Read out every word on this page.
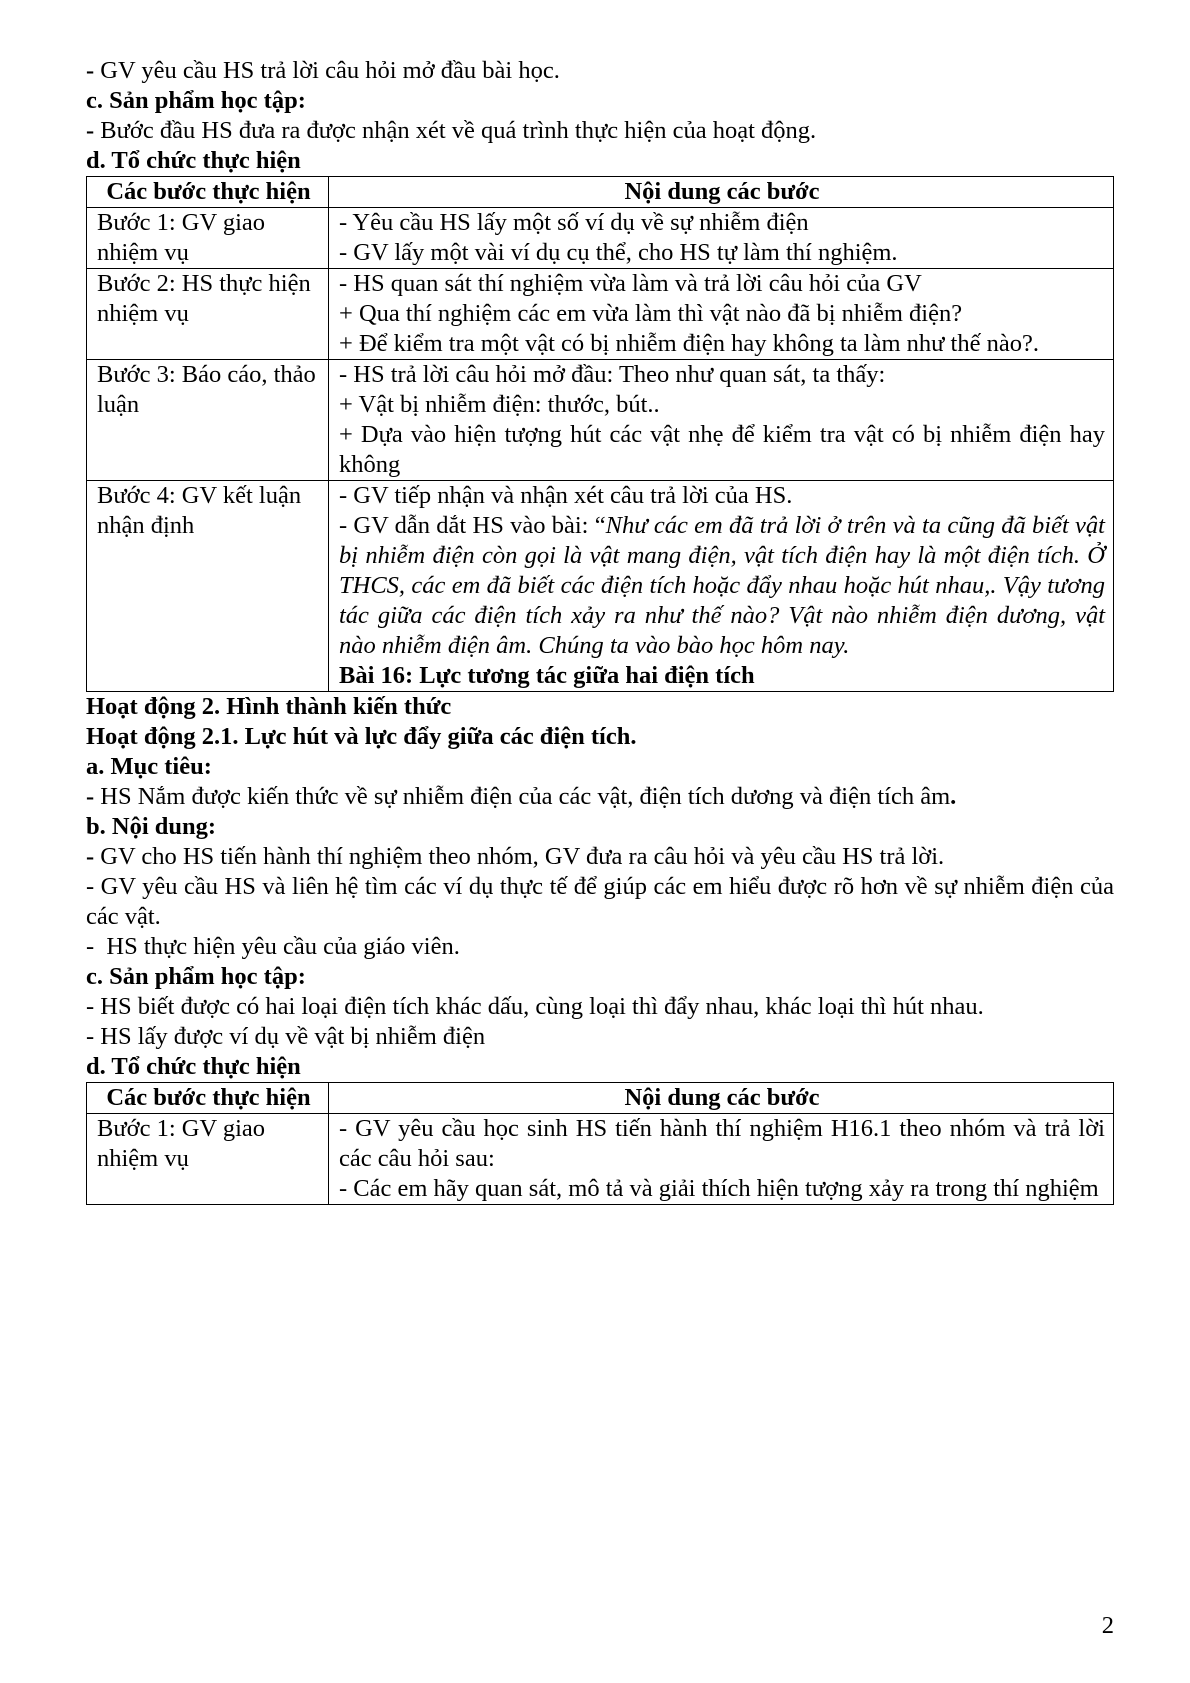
- GV yêu cầu HS trả lời câu hỏi mở đầu bài học.

c. Sản phẩm học tập:

- Bước đầu HS đưa ra được nhận xét về quá trình thực hiện của hoạt động.

d. Tổ chức thực hiện

Các bước thực hiện	Nội dung các bước
Bước 1: GV giao nhiệm vụ	- Yêu cầu HS lấy một số ví dụ về sự nhiễm điện
- GV lấy một vài ví dụ cụ thể, cho HS tự làm thí nghiệm.

Bước 2: HS thực hiện nhiệm vụ	- HS quan sát thí nghiệm vừa làm và trả lời câu hỏi của GV
+ Qua thí nghiệm các em vừa làm thì vật nào đã bị nhiễm điện?
+ Để kiểm tra một vật có bị nhiễm điện hay không ta làm như thế nào?.

Bước 3: Báo cáo, thảo luận	- HS trả lời câu hỏi mở đầu: Theo như quan sát, ta thấy:
+ Vật bị nhiễm điện: thước, bút..
+ Dựa vào hiện tượng hút các vật nhẹ để kiểm tra vật có bị nhiễm điện hay không

Bước 4: GV kết luận nhận định	- GV tiếp nhận và nhận xét câu trả lời của HS.
- GV dẫn dắt HS vào bài: “Như các em đã trả lời ở trên và ta cũng đã biết vật bị nhiễm điện còn gọi là vật mang điện, vật tích điện hay là một điện tích. Ở THCS, các em đã biết các điện tích hoặc đẩy nhau hoặc hút nhau,. Vậy tương tác giữa các điện tích xảy ra như thế nào? Vật nào nhiễm điện dương, vật nào nhiễm điện âm. Chúng ta vào bào học hôm nay.
Bài 16: Lực tương tác giữa hai điện tích

Hoạt động 2. Hình thành kiến thức

Hoạt động 2.1. Lực hút và lực đẩy giữa các điện tích.

a. Mục tiêu:

- HS Nắm được kiến thức về sự nhiễm điện của các vật, điện tích dương và điện tích âm.

b. Nội dung:

- GV cho HS tiến hành thí nghiệm theo nhóm, GV đưa ra câu hỏi và yêu cầu HS trả lời.

- GV yêu cầu HS và liên hệ tìm các ví dụ thực tế để giúp các em hiểu được rõ hơn về sự nhiễm điện của các vật.

-  HS thực hiện yêu cầu của giáo viên.

c. Sản phẩm học tập:

- HS biết được có hai loại điện tích khác dấu, cùng loại thì đẩy nhau, khác loại thì hút nhau.

- HS lấy được ví dụ về vật bị nhiễm điện

d. Tổ chức thực hiện

Các bước thực hiện	Nội dung các bước
Bước 1: GV giao nhiệm vụ	- GV yêu cầu học sinh HS tiến hành thí nghiệm H16.1 theo nhóm và trả lời các câu hỏi sau:
- Các em hãy quan sát, mô tả và giải thích hiện tượng xảy ra trong thí nghiệm
2
